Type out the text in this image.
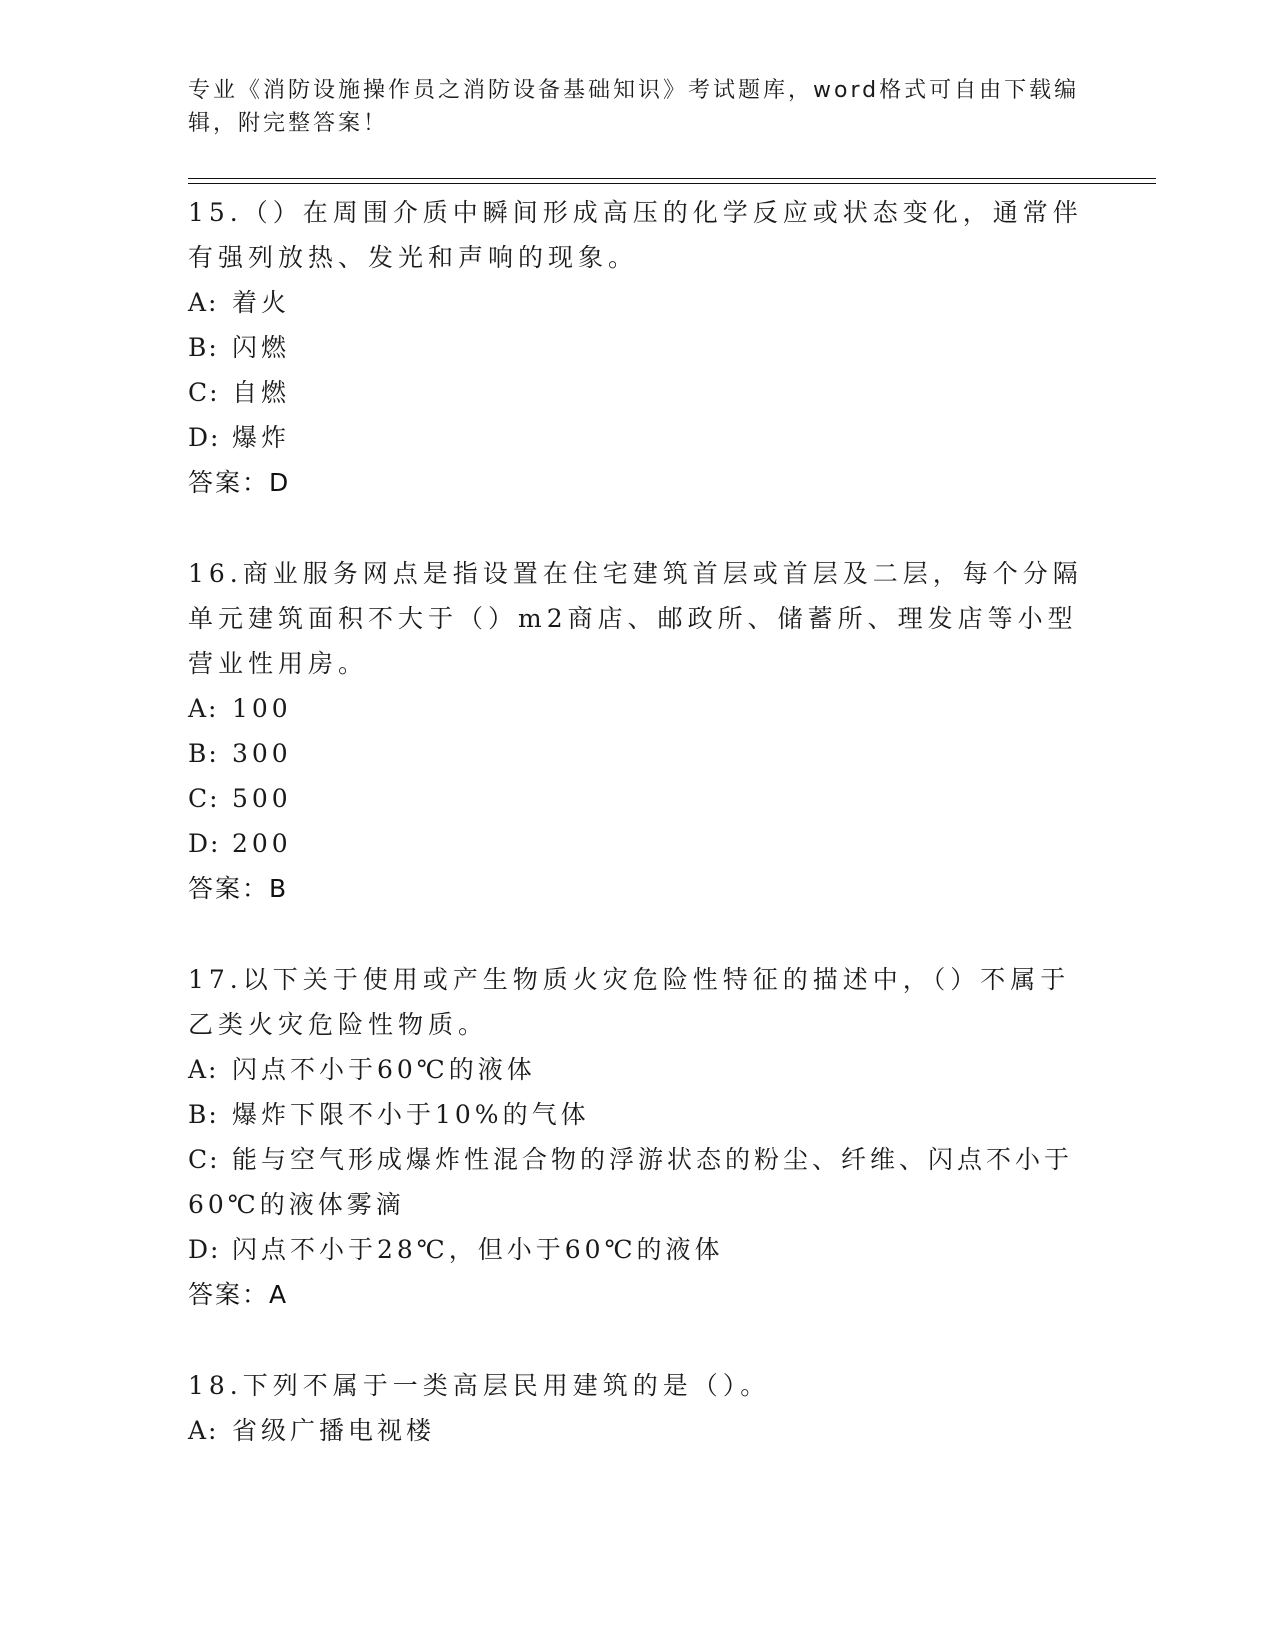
专业《消防设施操作员之消防设备基础知识》考试题库，word格式可自由下载编辑，附完整答案！

15.（）在周围介质中瞬间形成高压的化学反应或状态变化，通常伴有强列放热、发光和声响的现象。

A: 着火

B: 闪燃

C: 自燃

D: 爆炸

答案：D

16.商业服务网点是指设置在住宅建筑首层或首层及二层，每个分隔单元建筑面积不大于（）m2商店、邮政所、储蓄所、理发店等小型营业性用房。

A: 100

B: 300

C: 500

D: 200

答案：B

17.以下关于使用或产生物质火灾危险性特征的描述中，（）不属于乙类火灾危险性物质。

A: 闪点不小于60℃的液体

B: 爆炸下限不小于10%的气体

C: 能与空气形成爆炸性混合物的浮游状态的粉尘、纤维、闪点不小于60℃的液体雾滴

D: 闪点不小于28℃，但小于60℃的液体

答案：A

18.下列不属于一类高层民用建筑的是（）。

A: 省级广播电视楼
